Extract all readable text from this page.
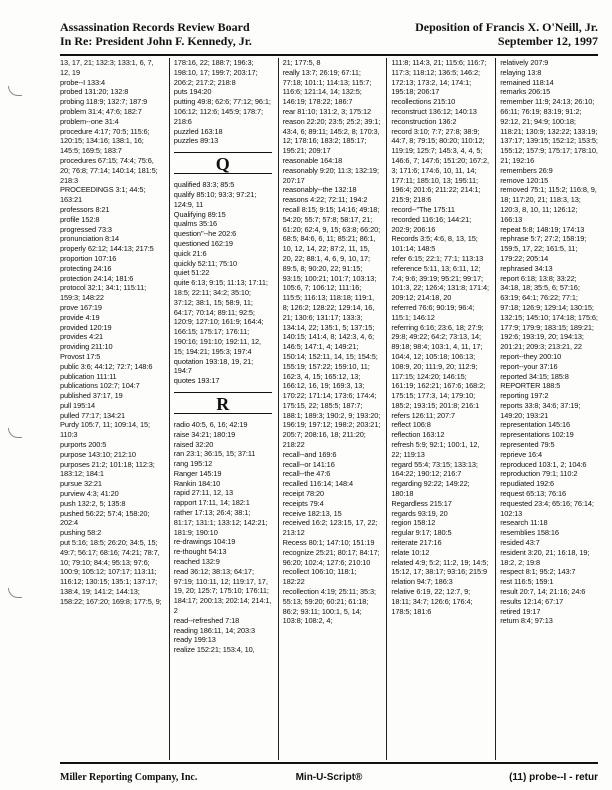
Assassination Records Review Board
In Re: President John F. Kennedy, Jr.
Deposition of Francis X. O'Neill, Jr.
September 12, 1997
13, 17, 21; 132:3; 133:1, 6, 7, 12, 19
probe--I 133:4
probed 131:20; 132:8
probing 118:9; 132:7; 187:9
problem 31:4; 47:6; 182:7
problem--one 31:4
procedure 4:17; 70:5; 115:6; 120:15; 134:16; 138:1, 16; 145:5; 169:5; 183:7
procedures 67:15; 74:4; 75:6, 20; 76:8; 77:14; 140:14; 181:5; 218:3
PROCEEDINGS 3:1; 44:5; 163:21
professors 8:21
profile 152:8
progressed 73:3
pronunciation 8:14
properly 62:12; 144:13; 217:5
proportion 107:16
protecting 24:16
protection 24:14; 181:6
protocol 32:1; 34:1; 115:11; 159:3; 148:22
prove 167:19
provide 4:19
provided 120:19
provides 4:21
providing 211:10
Provost 17:5
public 3:6; 44:12; 72:7; 148:6
publication 111:11
publications 102:7; 104:7
published 37:17, 19
pull 195:14
pulled 77:17; 134:21
Purdy 105:7, 11; 109:14, 15; 110:3
purports 200:5
purpose 143:10; 212:10
purposes 21:2; 101:18; 112:3; 183:12; 184:1
pursue 32:21
purview 4:3; 41:20
push 132:2, 5; 135:8
pushed 56:22; 57:4; 158:20; 202:4
pushing 58:2
put 5:16; 18:5; 26:20; 34:5, 15; 49:7; 56:17; 68:16; 74:21; 78:7, 10; 79:10; 84:4; 95:13; 97:6; 100:9; 105:12; 107:17; 113:11; 116:12; 130:15; 135:1; 137:17; 138:4, 19; 141:2; 144:13; 158:22; 167:20; 169:8; 177:5, 9;
178:16, 22; 188:7; 196:3; 198:10, 17; 199:7; 203:17; 206:2; 217:2; 218:8
puts 194:20
putting 49:8; 62:6; 77:12; 96:1; 106:12; 112:6; 145:9; 178:7; 218:6
puzzled 163:18
puzzles 89:13
Q
qualified 83:3; 85:5
qualify 85:10; 93:3; 97:21; 124:9, 11
Qualifying 89:15
qualms 35:16
question"--he 202:6
questioned 162:19
quick 21:6
quickly 52:11; 75:10
quiet 51:22
quite 6:13; 9:15; 11:13; 17:11; 18:5; 22:11; 34:2; 35:10; 37:12; 38:1, 15; 58:9, 11; 64:17; 70:14; 89:11; 92:5; 120:9; 127:10; 161:9; 164:4; 166:15; 175:17; 176:11; 190:16; 191:10; 192:11, 12, 15; 194:21; 195:3; 197:4
quotation 193:18, 19, 21; 194:7
quotes 193:17
R
radio 40:5, 6, 16; 42:19
raise 34:21; 180:19
raised 32:20
ran 23:1; 36:15, 15; 37:11
rang 195:12
Ranger 145:19
Rankin 184:10
rapid 27:11, 12, 13
rapport 17:11, 14; 182:1
rather 17:13; 26:4; 38:1; 81:17; 131:1; 133:12; 142:21; 181:9; 190:10
re-drawings 104:19
re-thought 54:13
reached 132:9
read 36:12; 38:13; 64:17; 97:19; 110:11, 12; 119:17, 17, 19, 20; 125:7; 175:10; 176:11; 184:17; 200:13; 202:14; 214:1, 2
read--refreshed 7:18
reading 186:11, 14; 203:3
ready 199:13
realize 152:21; 153:4, 10,
21; 177:5, 8
really 13:7; 26:19; 67:11; 77:18; 101:1; 114:13; 115:7; 116:6; 121:14, 14; 132:5; 146:19; 178:22; 186:7
rear 81:10; 131:2, 3; 175:12
reason 22:20; 23:5; 25:2; 39:1; 43:4, 6; 89:11; 145:2, 8; 170:3, 12; 178:16; 183:2; 185:17; 195:21; 209:17
reasonable 164:18
reasonably 9:20; 11:3; 132:19; 207:17
reasonably--the 132:18
reasons 4:22; 72:11; 194:2
recall 8:15; 9:15; 14:16; 49:18; 54:20; 55:7; 57:8; 58:17, 21; 61:20; 62:4, 9, 15; 63:8; 66:20; 68:5; 84:6, 6, 11; 85:21; 86:1, 10, 12, 14, 22; 87:2, 11, 15, 20, 22; 88:1, 4, 6, 9, 10, 17; 89:5, 8; 90:20, 22; 91:15; 93:15; 100:21; 101:7; 103:13; 105:6, 7; 106:12; 111:16; 115:5; 116:13; 118:18; 119:1, 8; 126:2; 128:22; 129:14, 16, 21; 130:6; 131:17; 133:3; 134:14, 22; 135:1, 5; 137:15; 140:15; 141:4, 8; 142:3, 4, 6; 146:5; 147:1, 4; 149:21; 150:14; 152:11, 14, 15; 154:5; 155:19; 157:22; 159:10, 11; 162:3, 4, 15; 165:12, 13; 166:12, 16, 19; 169:3, 13; 170:22; 171:14; 173:6; 174:4; 175:15, 22; 185:5; 187:7; 188:1; 189:3; 190:2, 9; 193:20; 196:19; 197:12; 198:2; 203:21; 205:7; 208:16, 18; 211:20; 218:22
recall--and 169:6
recall--or 141:16
recall--the 47:6
recalled 116:14; 148:4
receipt 78:20
receipts 79:4
receive 182:13, 15
received 16:2; 123:15, 17, 22; 213:12
Recess 80:1; 147:10; 151:19
recognize 25:21; 80:17; 84:17; 96:20; 102:4; 127:6; 210:10
recollect 106:10; 118:1; 182:22
recollection 4:19; 25:11; 35:3; 55:13; 59:20; 60:21; 61:18; 86:2; 93:11; 100:1, 5, 14; 103:8; 108:2, 4;
111:8; 114:3, 21; 115:6; 116:7; 117:3; 118:12; 136:5; 146:2; 172:13; 173:2, 14; 174:1; 195:18; 206:17
recollections 215:10
reconstruct 136:12; 140:13
reconstruction 136:2
record 3:10; 7:7; 27:8; 38:9; 44:7, 8; 79:15; 80:20; 110:12; 119:19; 125:7; 145:3, 4, 4, 5; 146:6, 7; 147:6; 151:20; 167:2, 3; 171:6; 174:6, 10, 11, 14; 177:11; 185:10, 13; 195:11; 196:4; 201:6; 211:22; 214:1; 215:9; 218:6
record--"The 175:11
recorded 116:16; 144:21; 202:9; 206:16
Records 3:5; 4:6, 8, 13, 15; 101:14; 148:5
refer 6:15; 22:1; 77:1; 113:13
reference 5:11, 13; 6:11, 12; 7:4; 9:6; 39:19; 95:21; 99:17; 101:3, 22; 126:4; 131:8; 171:4; 209:12; 214:18, 20
referred 76:6; 90:19; 96:4; 115:1; 146:12
referring 6:16; 23:6, 18; 27:9; 29:8; 49:22; 64:2; 73:13, 14; 89:18; 98:4; 103:1, 4, 11, 17; 104:4, 12; 105:18; 106:13; 108:9, 20; 111:9, 20; 112:9; 117:15; 124:20; 146:15; 161:19; 162:21; 167:6; 168:2; 175:15; 177:3, 14; 179:10; 185:2; 193:15; 201:8; 216:1
refers 126:11; 207:7
reflect 106:8
reflection 163:12
refresh 5:9; 92:1; 100:1, 12, 22; 119:13
regard 55:4; 73:15; 133:13; 164:22; 190:12; 216:7
regarding 92:22; 149:22; 180:18
Regardless 215:17
regards 93:19, 20
region 158:12
regular 9:17; 180:5
reiterate 217:16
relate 10:12
related 4:9; 5:2; 11:2, 19; 14:5; 15:12, 17; 38:17; 93:16; 215:9
relation 94:7; 186:3
relative 6:19, 22; 12:7, 9; 18:11; 34:7; 126:6; 176:4; 178:5; 181:6
relatively 207:9
relaying 13:8
remained 118:14
remarks 206:15
remember 11:9; 24:13; 26:10; 66:11; 76:19; 83:19; 91:2; 92:12, 21; 94:9; 100:18; 118:21; 130:9; 132:22; 133:19; 137:17; 139:15; 152:12; 153:5; 155:12; 157:9; 175:17; 178:10, 21; 192:16
remembers 26:9
remove 120:15
removed 75:1; 115:2; 116:8, 9, 18; 117:20, 21; 118:3, 13; 120:3, 8, 10, 11; 126:12; 166:13
repeat 5:8; 148:19; 174:13
rephrase 5:7; 27:2; 158:19; 159:5, 17, 22; 161:5, 11; 179:22; 205:14
rephrased 34:13
report 6:18; 13:8; 33:22; 34:18, 18; 35:5, 6; 57:16; 63:19; 64:1; 76:22; 77:1; 97:18; 126:9; 129:14; 130:15; 132:15; 145:10; 174:18; 175:6; 177:9; 179:9; 183:15; 189:21; 192:6; 193:19, 20; 194:13; 201:21; 209:3; 213:21, 22
report--they 200:10
report--your 37:16
reported 34:15; 185:8
REPORTER 188:5
reporting 197:2
reports 33:8; 34:6; 37:19; 149:20; 193:21
representation 145:16
representations 102:19
represented 79:5
reprieve 16:4
reproduced 103:1, 2; 104:6
reproduction 79:1; 110:2
repudiated 192:6
request 65:13; 76:16
requested 23:4; 65:16; 76:14; 102:13
research 11:18
resemblies 158:16
resided 43:7
resident 3:20, 21; 16:18, 19; 18:2, 2; 19:8
respect 8:1; 95:2; 143:7
rest 116:5; 159:1
result 20:7, 14; 21:16; 24:6
results 12:14; 67:17
retired 19:17
return 8:4; 97:13
Miller Reporting Company, Inc.	Min-U-Script®	(11) probe--I - retur
